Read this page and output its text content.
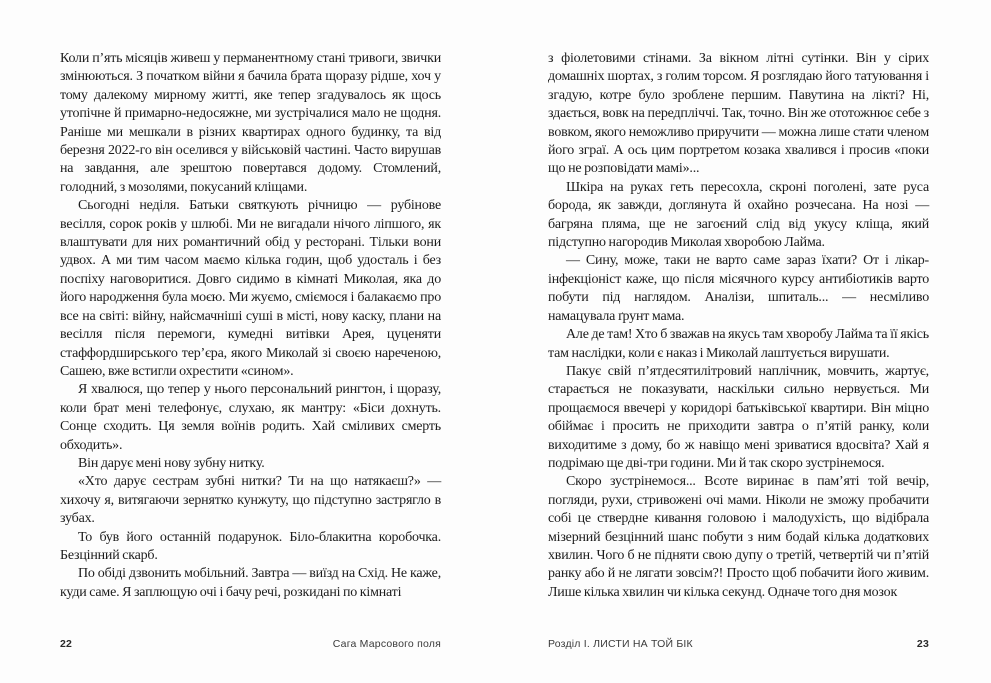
Коли п’ять місяців живеш у перманентному стані тривоги, звички змінюються. З початком війни я бачила брата щоразу рідше, хоч у тому далекому мирному житті, яке тепер згадувалось як щось утопічне й примарно-недосяжне, ми зустрічалися мало не щодня. Раніше ми мешкали в різних квартирах одного будинку, та від березня 2022-го він оселився у військовій частині. Часто вирушав на завдання, але зрештою повертався додому. Стомлений, голодний, з мозолями, покусаний кліщами.

Сьогодні неділя. Батьки святкують річницю — рубінове весілля, сорок років у шлюбі. Ми не вигадали нічого ліпшого, як влаштувати для них романтичний обід у ресторані. Тільки вони удвох. А ми тим часом маємо кілька годин, щоб удосталь і без поспіху наговоритися. Довго сидимо в кімнаті Миколая, яка до його народження була моєю. Ми жуємо, сміємося і балакаємо про все на світі: війну, найсмачніші суші в місті, нову каску, плани на весілля після перемоги, кумедні витівки Арея, цуценяти стаффордширського тер’єра, якого Миколай зі своєю нареченою, Сашею, вже встигли охрестити «сином».

Я хвалюся, що тепер у нього персональний рингтон, і щоразу, коли брат мені телефонує, слухаю, як мантру: «Біси дохнуть. Сонце сходить. Ця земля воїнів родить. Хай сміливих смерть обходить».

Він дарує мені нову зубну нитку.

«Хто дарує сестрам зубні нитки? Ти на що натякаєш?» — хихочу я, витягаючи зернятко кунжуту, що підступно застрягло в зубах.

То був його останній подарунок. Біло-блакитна коробочка. Безцінний скарб.

По обіді дзвонить мобільний. Завтра — виїзд на Схід. Не каже, куди саме. Я заплющую очі і бачу речі, розкидані по кімнаті

з фіолетовими стінами. За вікном літні сутінки. Він у сірих домашніх шортах, з голим торсом. Я розглядаю його татуювання і згадую, котре було зроблене першим. Павутина на лікті? Ні, здається, вовк на передпліччі. Так, точно. Він же ототожнює себе з вовком, якого неможливо приручити — можна лише стати членом його зграї. А ось цим портретом козака хвалився і просив «поки що не розповідати мамі»...

Шкіра на руках геть пересохла, скроні поголені, зате руса борода, як завжди, доглянута й охайно розчесана. На нозі — багряна пляма, ще не загоєний слід від укусу кліща, який підступно нагородив Миколая хворобою Лайма.

— Сину, може, таки не варто саме зараз їхати? От і лікар-інфекціоніст каже, що після місячного курсу антибіотиків варто побути під наглядом. Аналізи, шпиталь... — несміливо намацувала ґрунт мама.

Але де там! Хто б зважав на якусь там хворобу Лайма та її якісь там наслідки, коли є наказ і Миколай лаштується вирушати.

Пакує свій п’ятдесятилітровий наплічник, мовчить, жартує, старається не показувати, наскільки сильно нервується. Ми прощаємося ввечері у коридорі батьківської квартири. Він міцно обіймає і просить не приходити завтра о п’ятій ранку, коли виходитиме з дому, бо ж навіщо мені зриватися вдосвіта? Хай я подрімаю ще дві-три години. Ми й так скоро зустрінемося.

Скоро зустрінемося... Всоте виринає в пам’яті той вечір, погляди, рухи, стривожені очі мами. Ніколи не зможу пробачити собі це ствердне кивання головою і малодухість, що відібрала мізерний безцінний шанс побути з ним бодай кілька додаткових хвилин. Чого б не підняти свою дупу о третій, четвертій чи п’ятій ранку або й не лягати зовсім?! Просто щоб побачити його живим. Лише кілька хвилин чи кілька секунд. Одначе того дня мозок

22	Сага Марсового поля	Розділ І. ЛИСТИ НА ТОЙ БІК	23
